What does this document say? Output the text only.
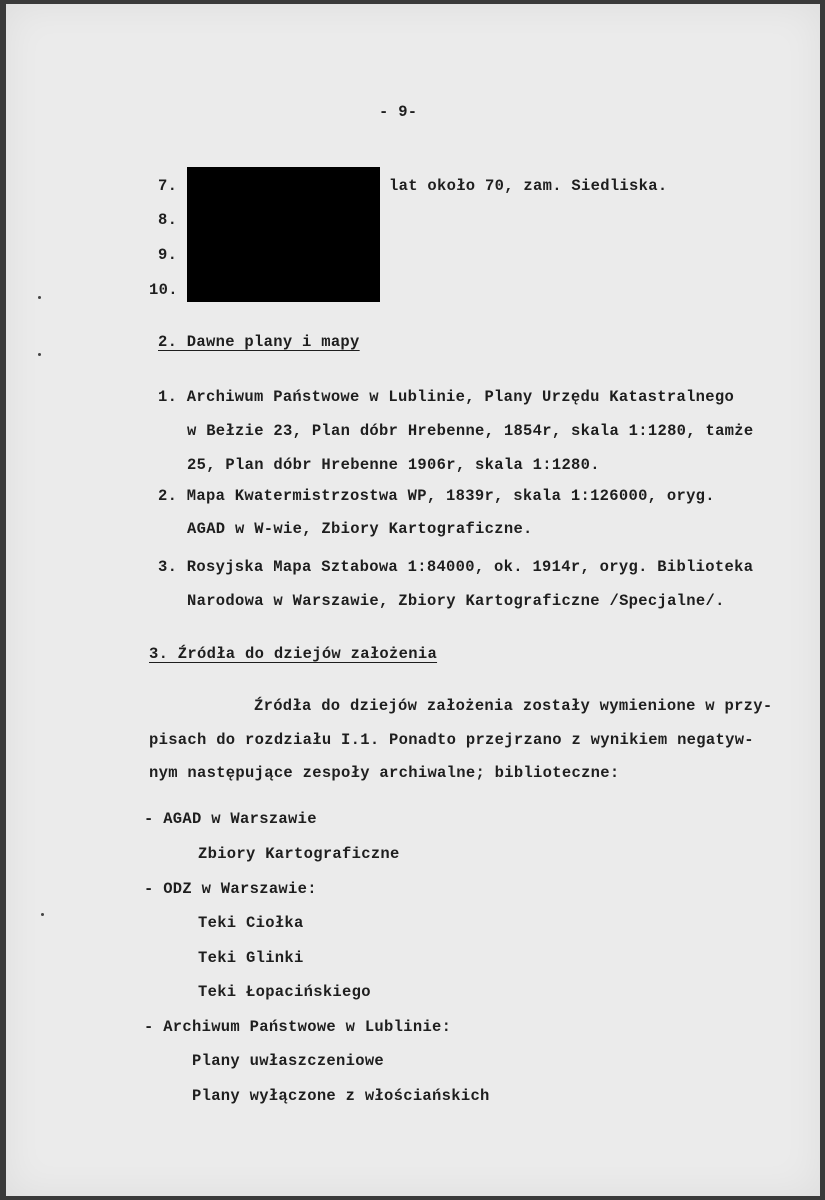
- 9-
7.
8.
9.
10.
lat około 70, zam. Siedliska.
2. Dawne plany i mapy
1. Archiwum Państwowe w Lublinie, Plany Urzędu Katastralnego
w Bełzie 23, Plan dóbr Hrebenne, 1854r, skala 1:1280, tamże
25, Plan dóbr Hrebenne 1906r, skala 1:1280.
2. Mapa Kwatermistrzostwa WP, 1839r, skala 1:126000, oryg.
AGAD w W-wie, Zbiory Kartograficzne.
3. Rosyjska Mapa Sztabowa 1:84000, ok. 1914r, oryg. Biblioteka
Narodowa w Warszawie, Zbiory Kartograficzne /Specjalne/.
3. Źródła do dziejów założenia
Źródła do dziejów założenia zostały wymienione w przy-
pisach do rozdziału I.1. Ponadto przejrzano z wynikiem negatyw-
nym następujące zespoły archiwalne; biblioteczne:
- AGAD w Warszawie
Zbiory Kartograficzne
- ODZ w Warszawie:
Teki Ciołka
Teki Glinki
Teki Łopacińskiego
- Archiwum Państwowe w Lublinie:
Plany uwłaszczeniowe
Plany wyłączone z włościańskich
